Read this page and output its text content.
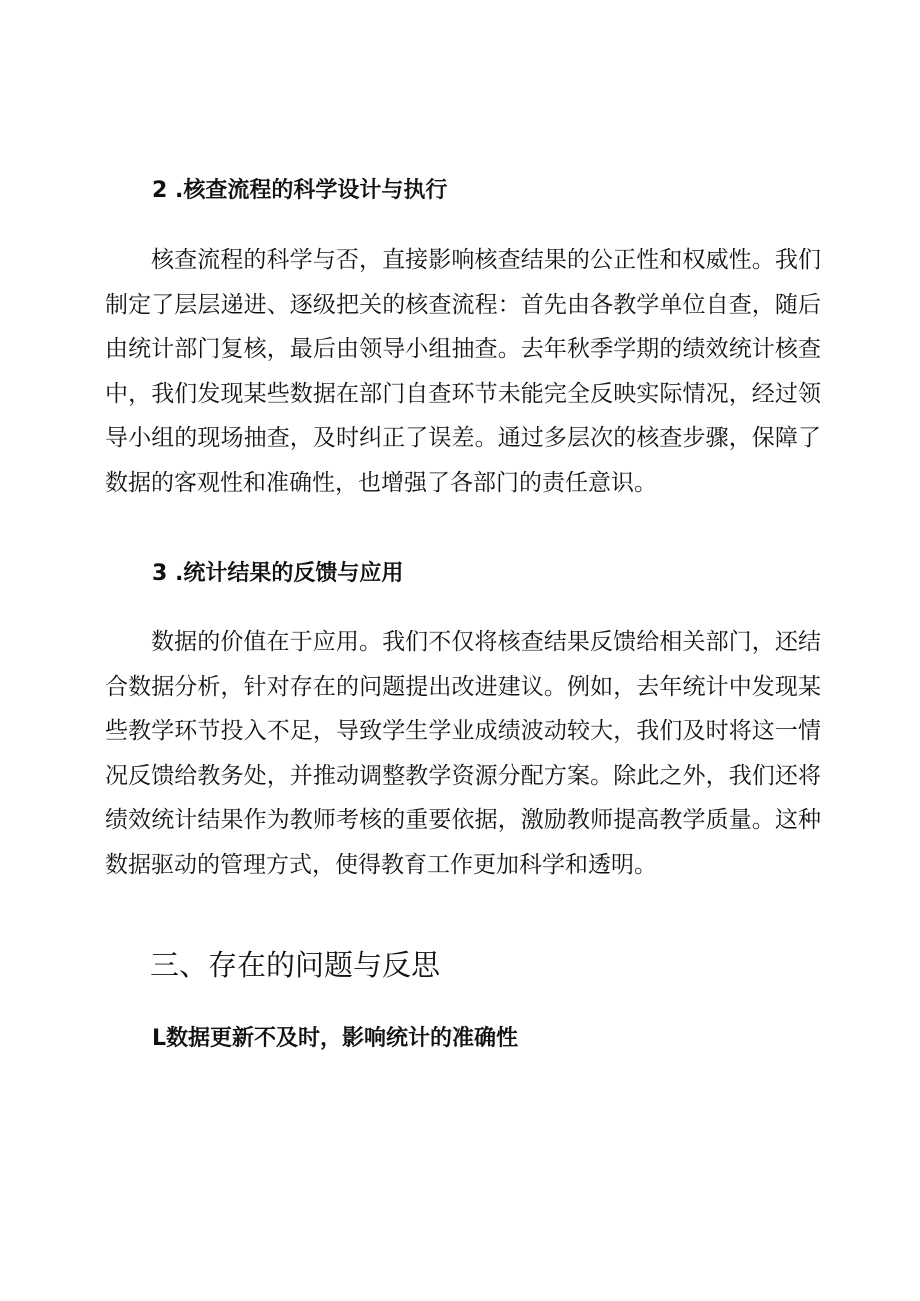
2 .核查流程的科学设计与执行

核查流程的科学与否，直接影响核查结果的公正性和权威性。我们制定了层层递进、逐级把关的核查流程：首先由各教学单位自查，随后由统计部门复核，最后由领导小组抽查。去年秋季学期的绩效统计核查中，我们发现某些数据在部门自查环节未能完全反映实际情况，经过领导小组的现场抽查，及时纠正了误差。通过多层次的核查步骤，保障了数据的客观性和准确性，也增强了各部门的责任意识。

3 .统计结果的反馈与应用

数据的价值在于应用。我们不仅将核查结果反馈给相关部门，还结合数据分析，针对存在的问题提出改进建议。例如，去年统计中发现某些教学环节投入不足，导致学生学业成绩波动较大，我们及时将这一情况反馈给教务处，并推动调整教学资源分配方案。除此之外，我们还将绩效统计结果作为教师考核的重要依据，激励教师提高教学质量。这种数据驱动的管理方式，使得教育工作更加科学和透明。

三、存在的问题与反思
L数据更新不及时，影响统计的准确性
